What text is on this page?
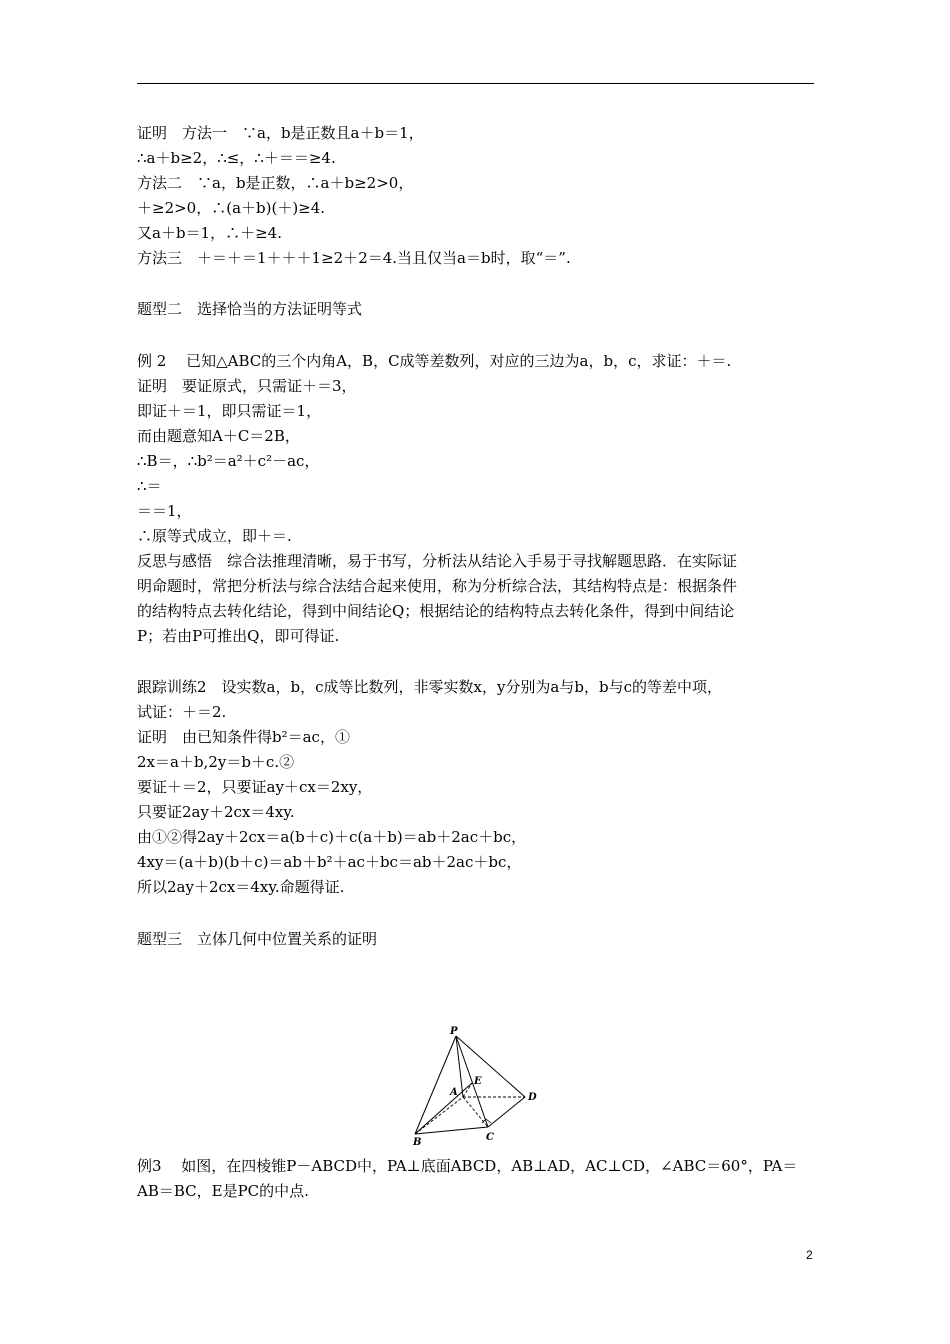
证明　方法一　∵a，b是正数且a＋b＝1，
∴a＋b≥2，∴≤，∴＋＝＝≥4.
方法二　∵a，b是正数，∴a＋b≥2>0，
＋≥2>0，∴(a＋b)(＋)≥4.
又a＋b＝1，∴＋≥4.
方法三　＋＝＋＝1＋＋＋1≥2＋2＝4.当且仅当a＝b时，取“＝”.
题型二　选择恰当的方法证明等式
例 2　 已知△ABC的三个内角A，B，C成等差数列，对应的三边为a，b，c，求证：＋＝.
证明　要证原式，只需证＋＝3，
即证＋＝1，即只需证＝1，
而由题意知A＋C＝2B，
∴B＝，∴b²＝a²＋c²－ac，
∴＝
＝＝1，
∴原等式成立，即＋＝.
反思与感悟　综合法推理清晰，易于书写，分析法从结论入手易于寻找解题思路．在实际证
明命题时，常把分析法与综合法结合起来使用，称为分析综合法，其结构特点是：根据条件
的结构特点去转化结论，得到中间结论Q；根据结论的结构特点去转化条件，得到中间结论
P；若由P可推出Q，即可得证.
跟踪训练2　设实数a，b，c成等比数列，非零实数x，y分别为a与b，b与c的等差中项，
试证：＋＝2.
证明　由已知条件得b²＝ac，①
2x＝a＋b,2y＝b＋c.②
要证＋＝2，只要证ay＋cx＝2xy，
只要证2ay＋2cx＝4xy.
由①②得2ay＋2cx＝a(b＋c)＋c(a＋b)＝ab＋2ac＋bc，
4xy＝(a＋b)(b＋c)＝ab＋b²＋ac＋bc＝ab＋2ac＋bc，
所以2ay＋2cx＝4xy.命题得证.
题型三　立体几何中位置关系的证明
P
A
E
D
B	C
例3　 如图，在四棱锥P－ABCD中，PA⊥底面ABCD，AB⊥AD，AC⊥CD，∠ABC＝60°，PA＝
AB＝BC，E是PC的中点.
2
